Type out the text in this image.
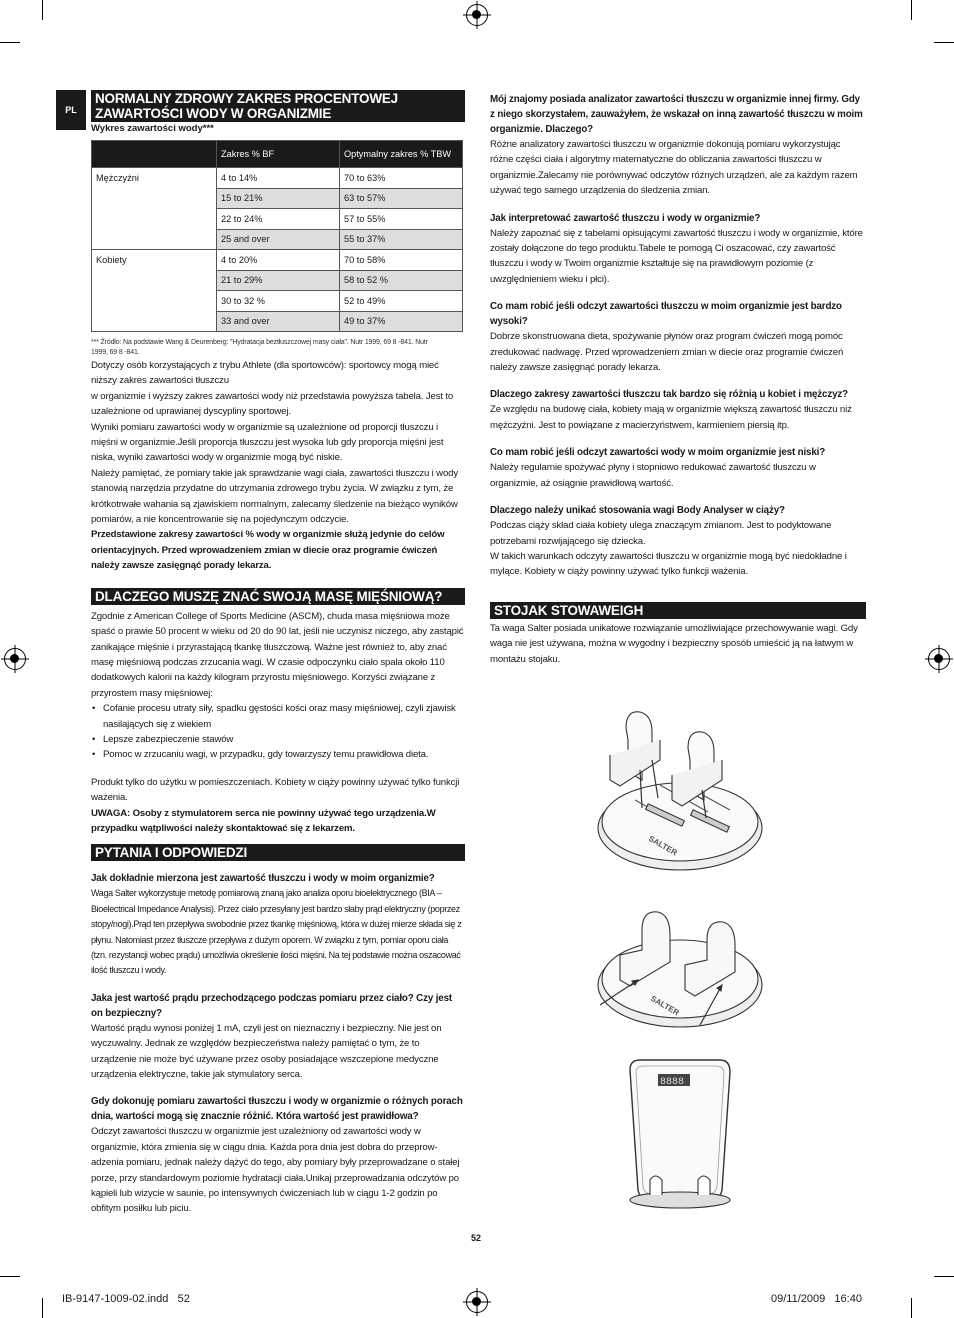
PL
NORMALNY ZDROWY ZAKRES PROCENTOWEJ ZAWARTOŚCI WODY W ORGANIZMIE
Wykres zawartości wody***
	Zakres % BF	Optymalny zakres % TBW
Mężczyźni	4 to 14%	70 to 63%
	15 to 21%	63 to 57%
	22 to 24%	57 to 55%
	25 and over	55 to 37%
Kobiety	4 to 20%	70 to 58%
	21 to 29%	58 to 52 %
	30 to 32 %	52 to 49%
	33 and over	49 to 37%

*** Źródło: Na podstawie Wang & Deurenberg: "Hydratacja beztłuszczowej masy ciała". Nutr 1999, 69 8 -841. Nutr 1999, 69 8 -841.

Dotyczy osób korzystających z trybu Athlete (dla sportowców): sportowcy mogą mieć niższy zakres zawartości tłuszczu

w organizmie i wyższy zakres zawartości wody niż przedstawia powyższa tabela. Jest to uzależnione od uprawianej dyscypliny sportowej.

Wyniki pomiaru zawartości wody w organizmie są uzależnione od proporcji tłuszczu i mięśni w organizmie.Jeśli proporcja tłuszczu jest wysoka lub gdy proporcja mięśni jest niska, wyniki zawartości wody w organizmie mogą być niskie.

Należy pamiętać, że pomiary takie jak sprawdzanie wagi ciała, zawartości tłuszczu i wody stanowią narzędzia przydatne do utrzymania zdrowego trybu życia. W związku z tym, że krótkotrwałe wahania są zjawiskiem normalnym, zalecamy śledzenie na bieżąco wyników pomiarów, a nie koncentrowanie się na pojedynczym odczycie.

Przedstawione zakresy zawartości % wody w organizmie służą jedynie do celów orientacyjnych. Przed wprowadzeniem zmian w diecie oraz programie ćwiczeń należy zawsze zasięgnąć porady lekarza.

DLACZEGO MUSZĘ ZNAĆ SWOJĄ MASĘ MIĘŚNIOWĄ?

Zgodnie z American College of Sports Medicine (ASCM), chuda masa mięśniowa może spaść o prawie 50 procent w wieku od 20 do 90 lat, jeśli nie uczynisz niczego, aby zastąpić zanikające mięśnie i przyrastającą tkankę tłuszczową. Ważne jest również to, aby znać masę mięśniową podczas zrzucania wagi. W czasie odpoczynku ciało spala około 110 dodatkowych kalorii na każdy kilogram przyrostu mięśniowego. Korzyści związane z przyrostem masy mięśniowej:

• Cofanie procesu utraty siły, spadku gęstości kości oraz masy mięśniowej, czyli zjawisk nasilających się z wiekiem
• Lepsze zabezpieczenie stawów
• Pomoc w zrzucaniu wagi, w przypadku, gdy towarzyszy temu prawidłowa dieta.

Produkt tylko do użytku w pomieszczeniach. Kobiety w ciąży powinny używać tylko funkcji ważenia.

UWAGA: Osoby z stymulatorem serca nie powinny używać tego urządzenia.W przypadku wątpliwości należy skontaktować się z lekarzem.

PYTANIA I ODPOWIEDZI

Jak dokładnie mierzona jest zawartość tłuszczu i wody w moim organizmie?

Waga Salter wykorzystuje metodę pomiarową znaną jako analiza oporu bioelektrycznego (BIA – Bioelectrical Impedance Analysis). Przez ciało przesyłany jest bardzo słaby prąd elektryczny (poprzez stopy/nogi).Prąd ten przepływa swobodnie przez tkankę mięśniową, która w dużej mierze składa się z płynu. Natomiast przez tłuszcze przepływa z dużym oporem. W związku z tym, pomiar oporu ciała (tzn. rezystancji wobec prądu) umożliwia określenie ilości mięśni. Na tej podstawie można oszacować ilość tłuszczu i wody.

Jaka jest wartość prądu przechodzącego podczas pomiaru przez ciało? Czy jest on bezpieczny?

Wartość prądu wynosi poniżej 1 mA, czyli jest on nieznaczny i bezpieczny. Nie jest on wyczuwalny. Jednak ze względów bezpieczeństwa należy pamiętać o tym, że to urządzenie nie może być używane przez osoby posiadające wszczepione medyczne urządzenia elektryczne, takie jak stymulatory serca.

Gdy dokonuję pomiaru zawartości tłuszczu i wody w organizmie o różnych porach dnia, wartości mogą się znacznie różnić. Która wartość jest prawidłowa?

Odczyt zawartości tłuszczu w organizmie jest uzależniony od zawartości wody w organizmie, która zmienia się w ciągu dnia. Każda pora dnia jest dobra do przeprow-adzenia pomiaru, jednak należy dążyć do tego, aby pomiary były przeprowadzane o stałej porze, przy standardowym poziomie hydratacji ciała.Unikaj przeprowadzania odczytów po kąpieli lub wizycie w saunie, po intensywnych ćwiczeniach lub w ciągu 1-2 godzin po obfitym posiłku lub piciu.

Mój znajomy posiada analizator zawartości tłuszczu w organizmie innej firmy. Gdy z niego skorzystałem, zauważyłem, że wskazał on inną zawartość tłuszczu w moim organizmie. Dlaczego?

Różne analizatory zawartości tłuszczu w organizmie dokonują pomiaru wykorzystując różne części ciała i algorytmy matematyczne do obliczania zawartości tłuszczu w organizmie.Zalecamy nie porównywać odczytów różnych urządzeń, ale za każdym razem używać tego samego urządzenia do śledzenia zmian.

Jak interpretować zawartość tłuszczu i wody w organizmie?

Należy zapoznać się z tabelami opisującymi zawartość tłuszczu i wody w organizmie, które zostały dołączone do tego produktu.Tabele te pomogą Ci oszacować, czy zawartość tłuszczu i wody w Twoim organizmie kształtuje się na prawidłowym poziomie (z uwzględnieniem wieku i płci).

Co mam robić jeśli odczyt zawartości tłuszczu w moim organizmie jest bardzo wysoki?

Dobrze skonstruowana dieta, spożywanie płynów oraz program ćwiczeń mogą pomóc zredukować nadwagę. Przed wprowadzeniem zmian w diecie oraz programie ćwiczeń należy zawsze zasięgnąć porady lekarza.

Dlaczego zakresy zawartości tłuszczu tak bardzo się różnią u kobiet i mężczyz?

Ze względu na budowę ciała, kobiety mają w organizmie większą zawartość tłuszczu niż mężczyźni. Jest to powiązane z macierzyństwem, karmieniem piersią itp.

Co mam robić jeśli odczyt zawartości wody w moim organizmie jest niski?

Należy regularnie spożywać płyny i stopniowo redukować zawartość tłuszczu w organizmie, aż osiągnie prawidłową wartość.

Dlaczego należy unikać stosowania wagi Body Analyser w ciąży?

Podczas ciąży skład ciała kobiety ulega znaczącym zmianom. Jest to podyktowane potrzebami rozwijającego się dziecka.

W takich warunkach odczyty zawartości tłuszczu w organizmie mogą być niedokładne i mylące. Kobiety w ciąży powinny używać tylko funkcji ważenia.

STOJAK STOWAWEIGH

Ta waga Salter posiada unikatowe rozwiązanie umożliwiające przechowywanie wagi. Gdy waga nie jest używana, można w wygodny i bezpieczny sposób umieścić ją na łatwym w montażu stojaku.

SALTER
SALTER
8888
52
IB-9147-1009-02.indd   52	09/11/2009   16:40
